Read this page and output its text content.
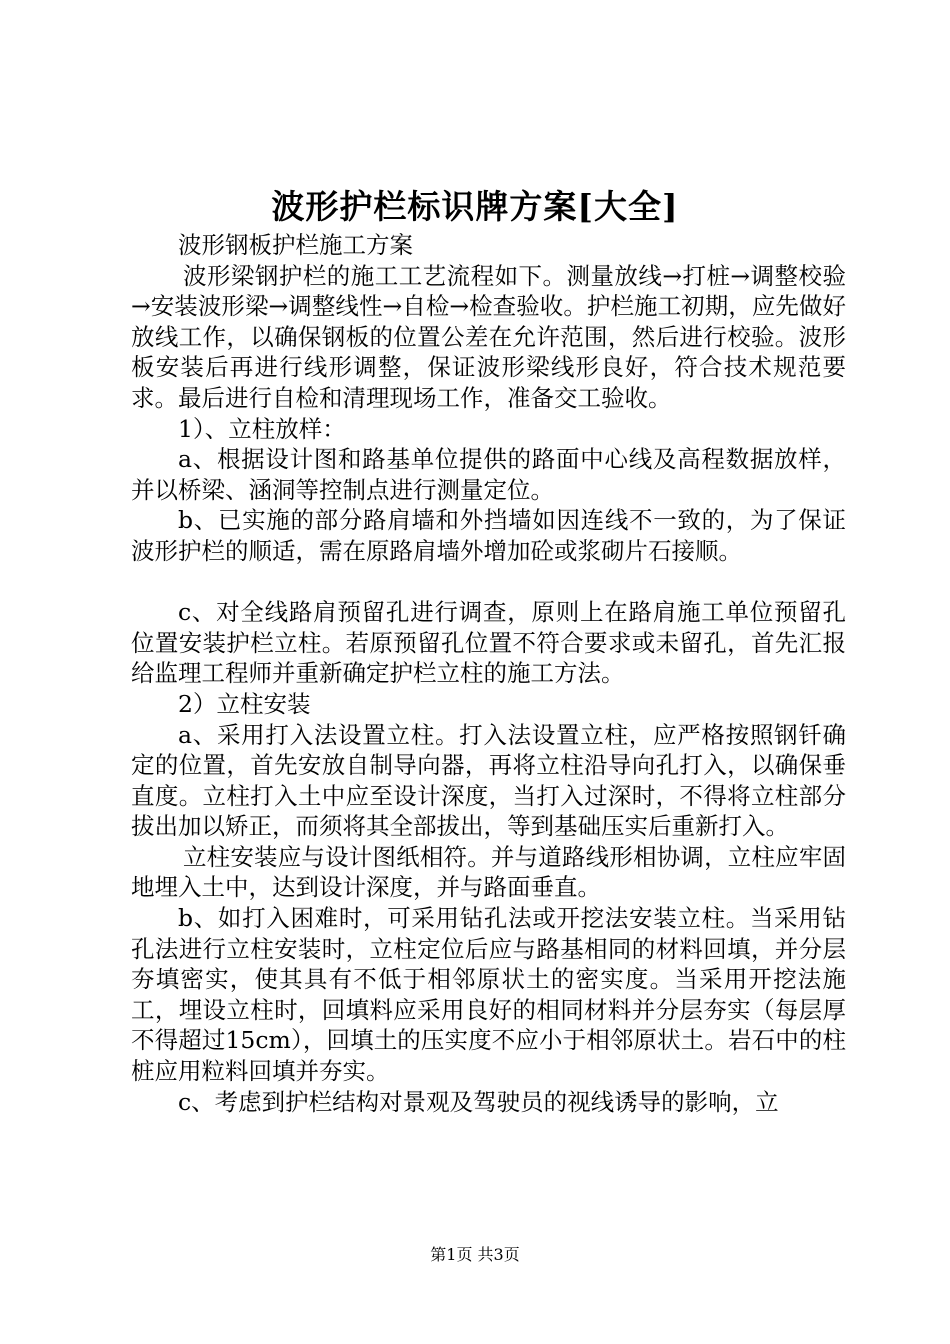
波形护栏标识牌方案[大全]

波形钢板护栏施工方案

波形梁钢护栏的施工工艺流程如下。测量放线→打桩→调整校验→安装波形梁→调整线性→自检→检查验收。护栏施工初期，应先做好放线工作，以确保钢板的位置公差在允许范围，然后进行校验。波形板安装后再进行线形调整，保证波形梁线形良好，符合技术规范要求。最后进行自检和清理现场工作，准备交工验收。

1）、立柱放样：

a、根据设计图和路基单位提供的路面中心线及高程数据放样，并以桥梁、涵洞等控制点进行测量定位。

b、已实施的部分路肩墙和外挡墙如因连线不一致的，为了保证波形护栏的顺适，需在原路肩墙外增加砼或浆砌片石接顺。

c、对全线路肩预留孔进行调查，原则上在路肩施工单位预留孔位置安装护栏立柱。若原预留孔位置不符合要求或未留孔，首先汇报给监理工程师并重新确定护栏立柱的施工方法。

2）立柱安装

a、采用打入法设置立柱。打入法设置立柱，应严格按照钢钎确定的位置，首先安放自制导向器，再将立柱沿导向孔打入，以确保垂直度。立柱打入土中应至设计深度，当打入过深时，不得将立柱部分拔出加以矫正，而须将其全部拔出，等到基础压实后重新打入。

立柱安装应与设计图纸相符。并与道路线形相协调，立柱应牢固地埋入土中，达到设计深度，并与路面垂直。

b、如打入困难时，可采用钻孔法或开挖法安装立柱。当采用钻孔法进行立柱安装时，立柱定位后应与路基相同的材料回填，并分层夯填密实，使其具有不低于相邻原状土的密实度。当采用开挖法施工，埋设立柱时，回填料应采用良好的相同材料并分层夯实（每层厚不得超过15cm），回填土的压实度不应小于相邻原状土。岩石中的柱桩应用粒料回填并夯实。

c、考虑到护栏结构对景观及驾驶员的视线诱导的影响，立

第1页 共3页
